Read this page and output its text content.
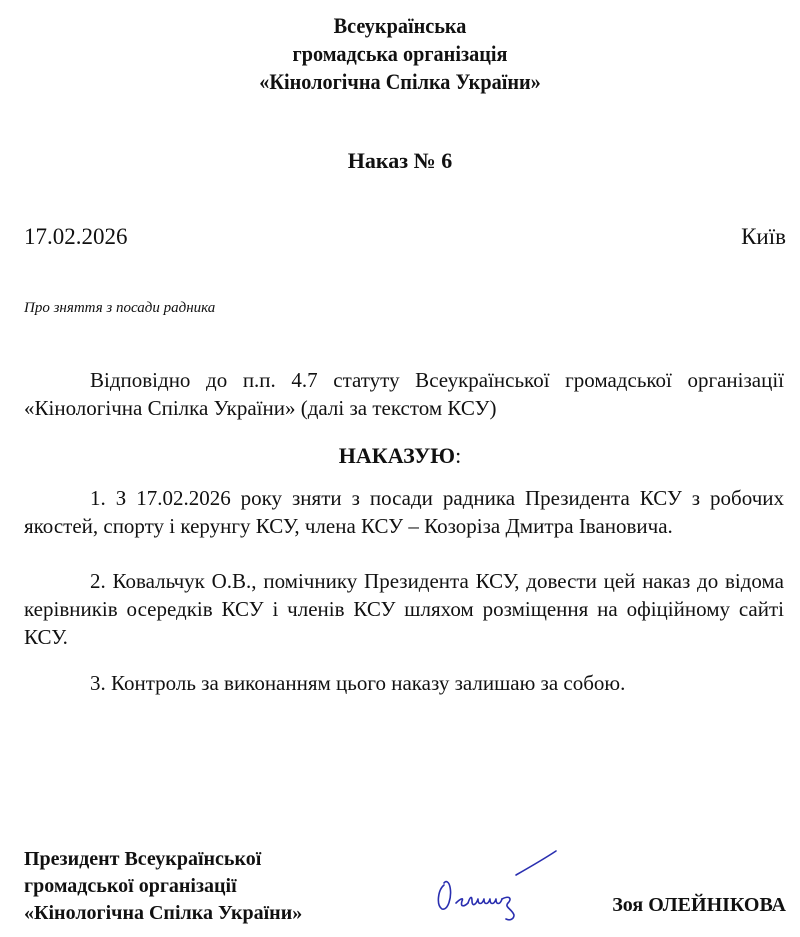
Всеукраїнська
громадська організація
«Кінологічна Спілка України»
Наказ № 6
17.02.2026	Київ
Про зняття з посади радника
Відповідно до п.п. 4.7 статуту Всеукраїнської громадської організації «Кінологічна Спілка України» (далі за текстом КСУ)
НАКАЗУЮ:
1. З 17.02.2026 року зняти з посади радника Президента КСУ з робочих якостей, спорту і керунгу КСУ, члена КСУ – Козоріза Дмитра Івановича.
2. Ковальчук О.В., помічнику Президента КСУ, довести цей наказ до відома керівників осередків КСУ і членів КСУ шляхом розміщення на офіційному сайті КСУ.
3. Контроль за виконанням цього наказу залишаю за собою.
Президент Всеукраїнської
громадської організації
«Кінологічна Спілка України»	Зоя ОЛЕЙНІКОВА
